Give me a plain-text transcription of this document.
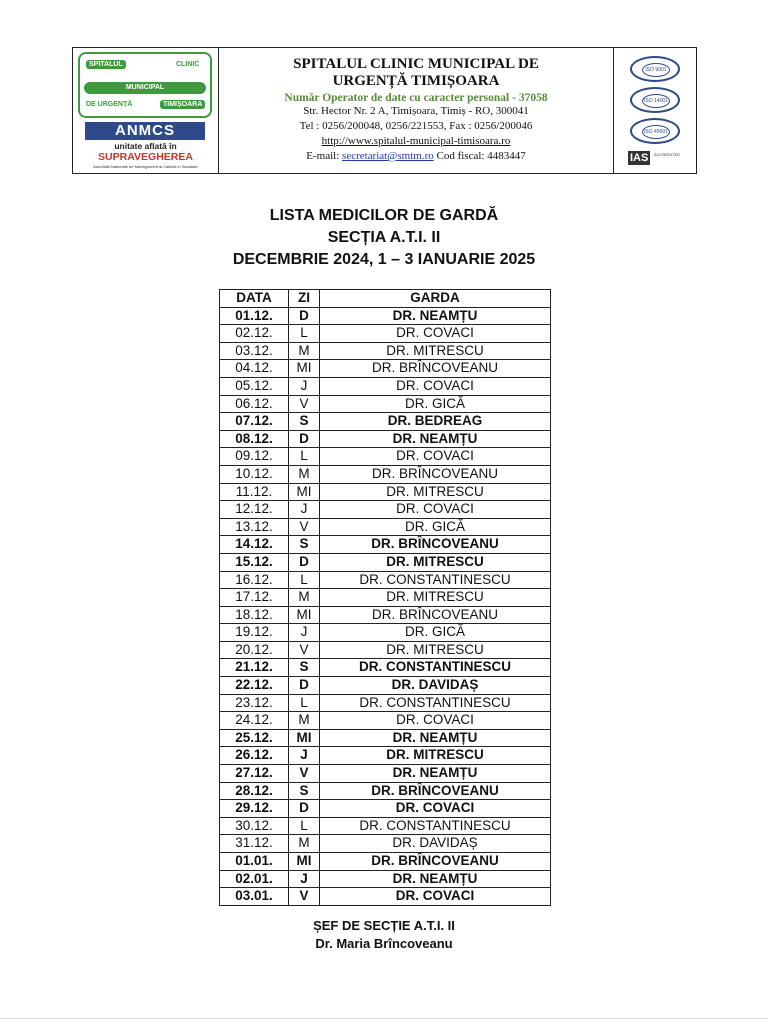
SPITALUL	CLINIC
MUNICIPAL
DE URGENȚĂ	TIMIȘOARA
ANMCS
unitate aflată în
SUPRAVEGHEREA
Autoritatii Nationale de Management al Calitatii in Sanatate
SPITALUL CLINIC MUNICIPAL DE
URGENȚĂ TIMIȘOARA
Număr Operator de date cu caracter personal - 37058
Str. Hector Nr. 2 A, Timișoara, Timiș - RO, 300041
Tel : 0256/200048, 0256/221553, Fax : 0256/200046
http://www.spitalul-municipal-timisoara.ro
E-mail: secretariat@smtm.ro Cod fiscal: 4483447
ISO 9001
ISO 14001
ISO 45001
IAS	ACCREDITED
LISTA MEDICILOR DE GARDĂ
SECȚIA A.T.I. II
DECEMBRIE 2024, 1 – 3 IANUARIE 2025
DATA	ZI	GARDA
01.12.	D	DR. NEAMȚU
02.12.	L	DR. COVACI
03.12.	M	DR. MITRESCU
04.12.	MI	DR. BRÎNCOVEANU
05.12.	J	DR. COVACI
06.12.	V	DR. GICĂ
07.12.	S	DR. BEDREAG
08.12.	D	DR. NEAMȚU
09.12.	L	DR. COVACI
10.12.	M	DR. BRÎNCOVEANU
11.12.	MI	DR. MITRESCU
12.12.	J	DR. COVACI
13.12.	V	DR. GICĂ
14.12.	S	DR. BRÎNCOVEANU
15.12.	D	DR. MITRESCU
16.12.	L	DR. CONSTANTINESCU
17.12.	M	DR. MITRESCU
18.12.	MI	DR. BRÎNCOVEANU
19.12.	J	DR. GICĂ
20.12.	V	DR. MITRESCU
21.12.	S	DR. CONSTANTINESCU
22.12.	D	DR. DAVIDAȘ
23.12.	L	DR. CONSTANTINESCU
24.12.	M	DR. COVACI
25.12.	MI	DR. NEAMȚU
26.12.	J	DR. MITRESCU
27.12.	V	DR. NEAMȚU
28.12.	S	DR. BRÎNCOVEANU
29.12.	D	DR. COVACI
30.12.	L	DR. CONSTANTINESCU
31.12.	M	DR. DAVIDAȘ
01.01.	MI	DR. BRÎNCOVEANU
02.01.	J	DR. NEAMȚU
03.01.	V	DR. COVACI
ȘEF DE SECȚIE A.T.I. II
Dr. Maria Brîncoveanu
